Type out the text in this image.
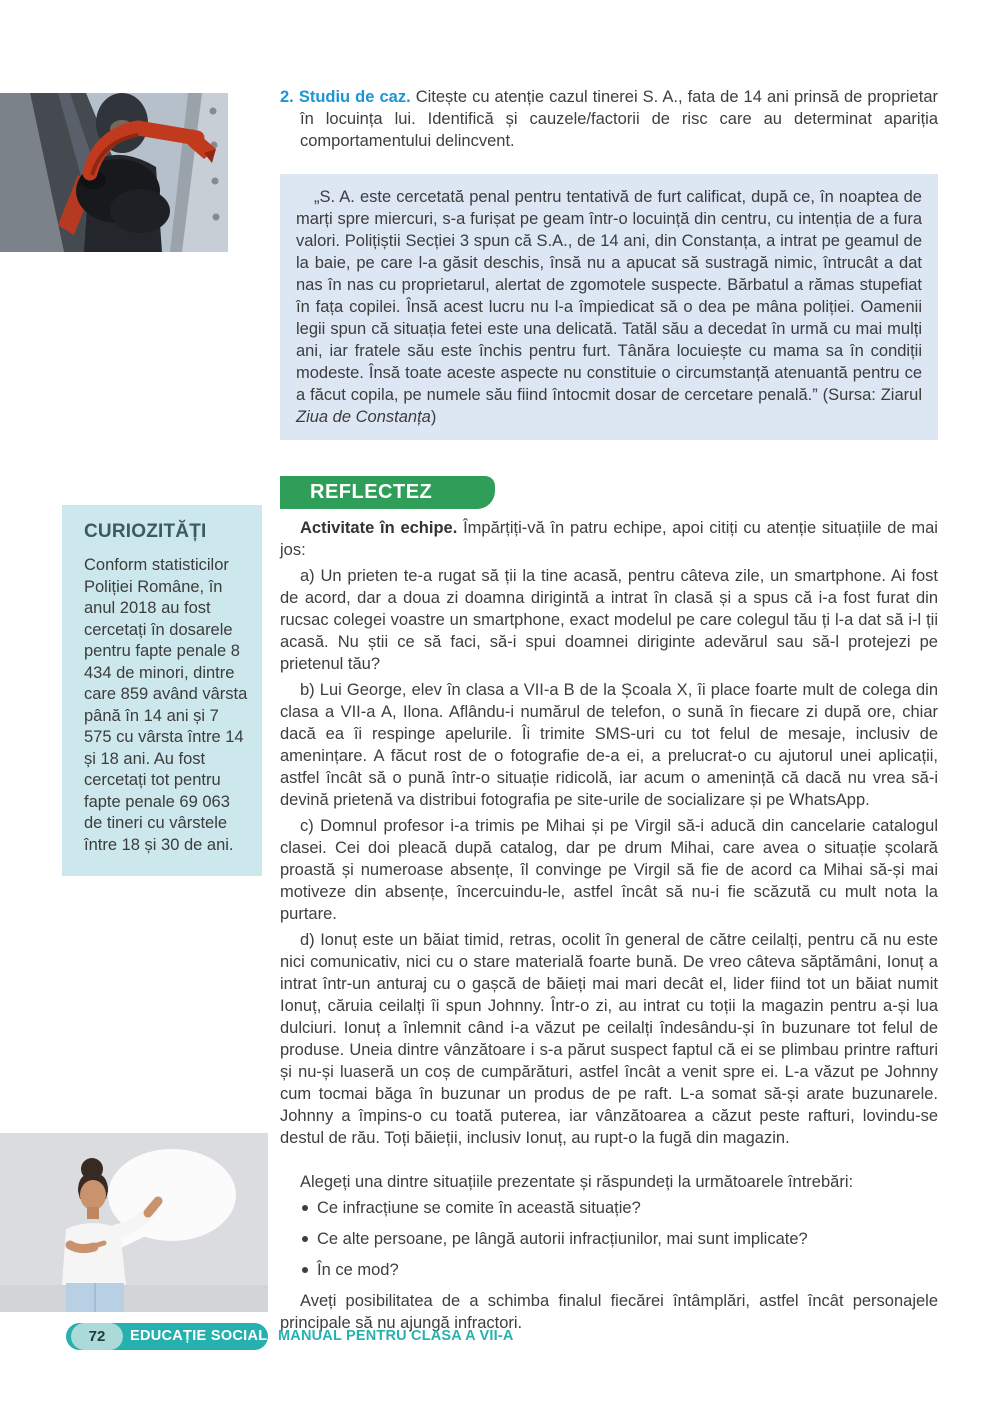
CURIOZITĂȚI

Conform statisticilor Poliției Române, în anul 2018 au fost cercetați în dosarele pentru fapte penale 8 434 de minori, dintre care 859 având vârsta până în 14 ani și 7 575 cu vârsta între 14 și 18 ani. Au fost cercetați tot pentru fapte penale 69 063 de tineri cu vârstele între 18 și 30 de ani.

2. Studiu de caz. Citește cu atenție cazul tinerei S. A., fata de 14 ani prinsă de proprietar în locuința lui. Identifică și cauzele/factorii de risc care au determinat apariția comportamentului delincvent.

„S. A. este cercetată penal pentru tentativă de furt calificat, după ce, în noaptea de marți spre miercuri, s-a furișat pe geam într-o locuință din centru, cu intenția de a fura valori. Polițiștii Secției 3 spun că S.A., de 14 ani, din Constanța, a intrat pe geamul de la baie, pe care l-a găsit deschis, însă nu a apucat să sustragă nimic, întrucât a dat nas în nas cu proprietarul, alertat de zgomotele suspecte. Bărbatul a rămas stupefiat în fața copilei. Însă acest lucru nu l-a împiedicat să o dea pe mâna poliției. Oamenii legii spun că situația fetei este una delicată. Tatăl său a decedat în urmă cu mai mulți ani, iar fratele său este închis pentru furt. Tânăra locuiește cu mama sa în condiții modeste. Însă toate aceste aspecte nu constituie o circumstanță atenuantă pentru ce a făcut copila, pe numele său fiind întocmit dosar de cercetare penală.” (Sursa: Ziarul Ziua de Constanța)

REFLECTEZ

Activitate în echipe. Împărțiți-vă în patru echipe, apoi citiți cu atenție situațiile de mai jos:

a) Un prieten te-a rugat să ții la tine acasă, pentru câteva zile, un smartphone. Ai fost de acord, dar a doua zi doamna dirigintă a intrat în clasă și a spus că i-a fost furat din rucsac colegei voastre un smartphone, exact modelul pe care colegul tău ți l-a dat să i-l ții acasă. Nu știi ce să faci, să-i spui doamnei diriginte adevărul sau să-l protejezi pe prietenul tău?

b) Lui George, elev în clasa a VII-a B de la Școala X, îi place foarte mult de colega din clasa a VII-a A, Ilona. Aflându-i numărul de telefon, o sună în fiecare zi după ore, chiar dacă ea îi respinge apelurile. Îi trimite SMS-uri cu tot felul de mesaje, inclusiv de amenințare. A făcut rost de o fotografie de-a ei, a prelucrat-o cu ajutorul unei aplicații, astfel încât să o pună într-o situație ridicolă, iar acum o amenință că dacă nu vrea să-i devină prietenă va distribui fotografia pe site-urile de socializare și pe WhatsApp.

c) Domnul profesor i-a trimis pe Mihai și pe Virgil să-i aducă din cancelarie catalogul clasei. Cei doi pleacă după catalog, dar pe drum Mihai, care avea o situație școlară proastă și numeroase absențe, îl convinge pe Virgil să fie de acord ca Mihai să-și mai motiveze din absențe, încercuindu-le, astfel încât să nu-i fie scăzută cu mult nota la purtare.

d) Ionuț este un băiat timid, retras, ocolit în general de către ceilalți, pentru că nu este nici comunicativ, nici cu o stare materială foarte bună. De vreo câteva săptămâni, Ionuț a intrat într-un anturaj cu o gașcă de băieți mai mari decât el, lider fiind tot un băiat numit Ionuț, căruia ceilalți îi spun Johnny. Într-o zi, au intrat cu toții la magazin pentru a-și lua dulciuri. Ionuț a înlemnit când i-a văzut pe ceilalți îndesându-și în buzunare tot felul de produse. Uneia dintre vânzătoare i s-a părut suspect faptul că ei se plimbau printre rafturi și nu-și luaseră un coș de cumpărături, astfel încât a venit spre ei. L-a văzut pe Johnny cum tocmai băga în buzunar un produs de pe raft. L-a somat să-și arate buzunarele. Johnny a împins-o cu toată puterea, iar vânzătoarea a căzut peste rafturi, lovindu-se destul de rău. Toți băieții, inclusiv Ionuț, au rupt-o la fugă din magazin.

Alegeți una dintre situațiile prezentate și răspundeți la următoarele întrebări:

Ce infracțiune se comite în această situație?
Ce alte persoane, pe lângă autorii infracțiunilor, mai sunt implicate?
În ce mod?

Aveți posibilitatea de a schimba finalul fiecărei întâmplări, astfel încât personajele principale să nu ajungă infractori.

72	EDUCAȚIE SOCIALĂ MANUAL PENTRU CLASA A VII-A
